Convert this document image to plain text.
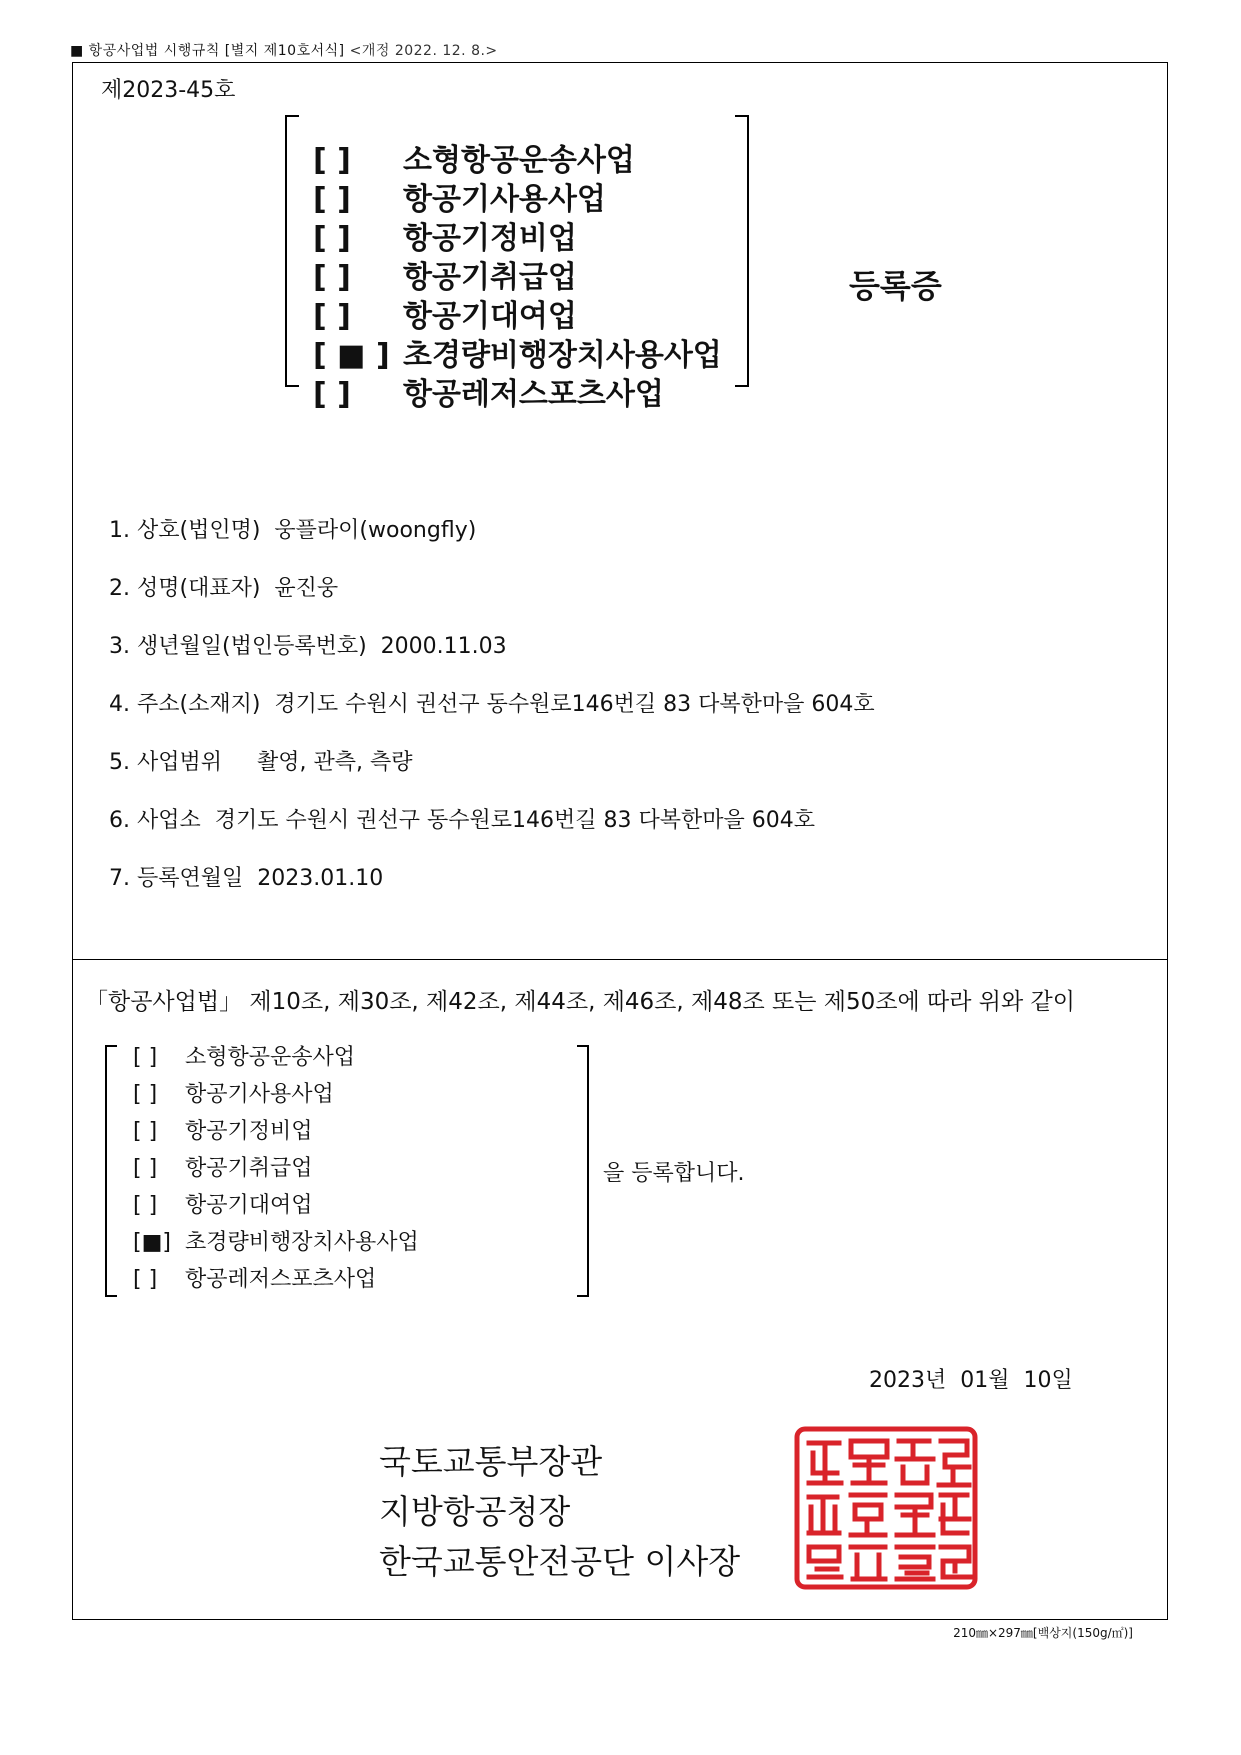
■ 항공사업법 시행규칙 [별지 제10호서식] <개정 2022. 12. 8.>
제2023-45호
[ ] 소형항공운송사업
[ ] 항공기사용사업
[ ] 항공기정비업
[ ] 항공기취급업
[ ] 항공기대여업
[ ■ ] 초경량비행장치사용사업
[ ] 항공레저스포츠사업
등록증
1. 상호(법인명) 웅플라이(woongfly)
2. 성명(대표자) 윤진웅
3. 생년월일(법인등록번호) 2000.11.03
4. 주소(소재지) 경기도 수원시 권선구 동수원로146번길 83 다복한마을 604호
5. 사업범위   촬영, 관측, 측량
6. 사업소 경기도 수원시 권선구 동수원로146번길 83 다복한마을 604호
7. 등록연월일 2023.01.10
「항공사업법」 제10조, 제30조, 제42조, 제44조, 제46조, 제48조 또는 제50조에 따라 위와 같이
[ ] 소형항공운송사업
[ ] 항공기사용사업
[ ] 항공기정비업
[ ] 항공기취급업
[ ] 항공기대여업
[■] 초경량비행장치사용사업
[ ] 항공레저스포츠사업
을 등록합니다.
2023년  01월  10일
국토교통부장관
지방항공청장
한국교통안전공단 이사장
210㎜×297㎜[백상지(150g/㎡)]
